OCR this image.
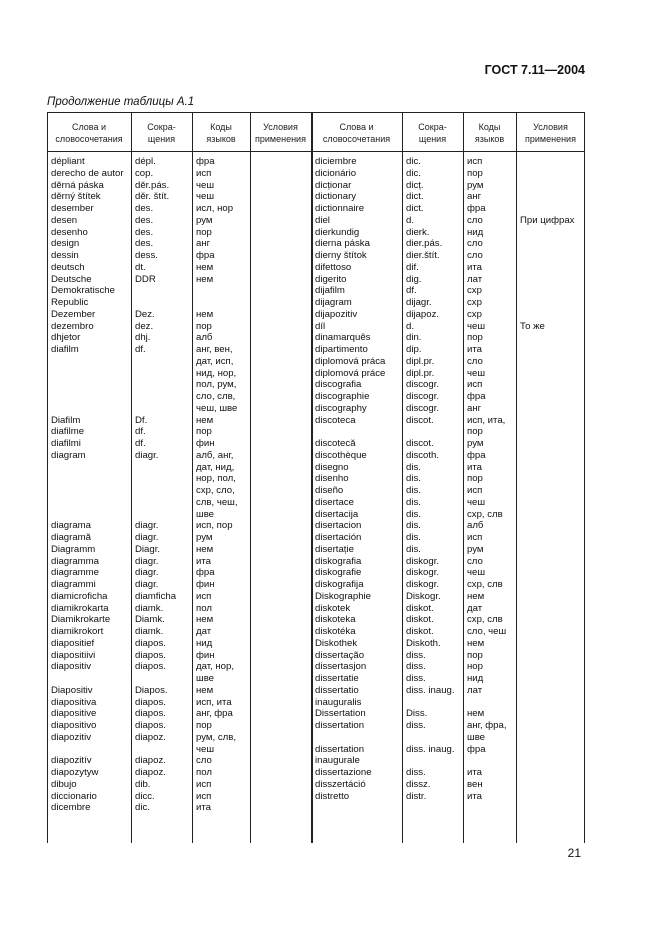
ГОСТ 7.11—2004
Продолжение таблицы А.1
Слова и
словосочетания
Сокра-
щения
Коды
языков
Условия
применения
Слова и
словосочетания
Сокра-
щения
Коды
языков
Условия
применения
dépliant
derecho de autor
děrná páska
děrný štítek
desember
desen
desenho
design
dessin
deutsch
Deutsche
Demokratische
Republic
Dezember
dezembro
dhjetor
diafilm

Diafilm
diafilme
diafilmi
diagram

diagrama
diagramă
Diagramm
diagramma
diagramme
diagrammi
diamicroficha
diamikrokarta
Diamikrokarte
diamikrokort
diapositief
diapositiivi
diapositiv

Diapositiv
diapositiva
diapositive
diapositivo
diapozitiv

diapozitív
diapozytyw
dibujo
diccionario
dicembre
dépl.
cop.
děr.pás.
děr. štít.
des.
des.
des.
des.
dess.
dt.
DDR

Dez.
dez.
dhj.
df.

Df.
df.
df.
diagr.

diagr.
diagr.
Diagr.
diagr.
diagr.
diagr.
diamficha
diamk.
Diamk.
diamk.
diapos.
diapos.
diapos.

Diapos.
diapos.
diapos.
diapos.
diapoz.

diapoz.
diapoz.
dib.
dicc.
dic.
фра
исп
чеш
чеш
исл, нор
рум
пор
анг
фра
нем
нем

нем
пор
алб
анг, вен,
дат, исп,
нид, нор,
пол, рум,
сло, слв,
чеш, шве
нем
пор
фин
алб, анг,
дат, нид,
нор, пол,
схр, сло,
слв, чеш,
шве
исп, пор
рум
нем
ита
фра
фин
исп
пол
нем
дат
нид
фин
дат, нор,
шве
нем
исп, ита
анг, фра
пор
рум, слв,
чеш
сло
пол
исп
исп
ита
diciembre
dicionário
dicționar
dictionary
dictionnaire
diel
dierkundig
dierna páska
dierny štítok
difettoso
digerito
dijafilm
dijagram
dijapozitiv
díl
dinamarquês
dipartimento
diplomová práca
diplomová práce
discografia
discographie
discography
discoteca

discotecă
discothèque
disegno
disenho
diseño
disertace
disertacija
disertacion
disertación
disertație
diskografia
diskografie
diskografija
Diskographie
diskotek
diskoteka
diskotéka
Diskothek
dissertação
dissertasjon
dissertatie
dissertatio
inauguralis
Dissertation
dissertation

dissertation
inaugurale
dissertazione
disszertáció
distretto
dic.
dic.
dicț.
dict.
dict.
d.
dierk.
dier.pás.
dier.štít.
dif.
dig.
df.
dijagr.
dijapoz.
d.
din.
dip.
dipl.pr.
dipl.pr.
discogr.
discogr.
discogr.
discot.

discot.
discoth.
dis.
dis.
dis.
dis.
dis.
dis.
dis.
dis.
diskogr.
diskogr.
diskogr.
Diskogr.
diskot.
diskot.
diskot.
Diskoth.
diss.
diss.
diss.
diss. inaug.

Diss.
diss.

diss. inaug.

diss.
dissz.
distr.
исп
пор
рум
анг
фра
сло
нид
сло
сло
ита
лат
схр
схр
схр
чеш
пор
ита
сло
чеш
исп
фра
анг
исп, ита,
пор
рум
фра
ита
пор
исп
чеш
схр, слв
алб
исп
рум
сло
чеш
схр, слв
нем
дат
схр, слв
сло, чеш
нем
пор
нор
нид
лат

нем
анг, фра,
шве
фра

ита
вен
ита

При цифрах

То же
21
